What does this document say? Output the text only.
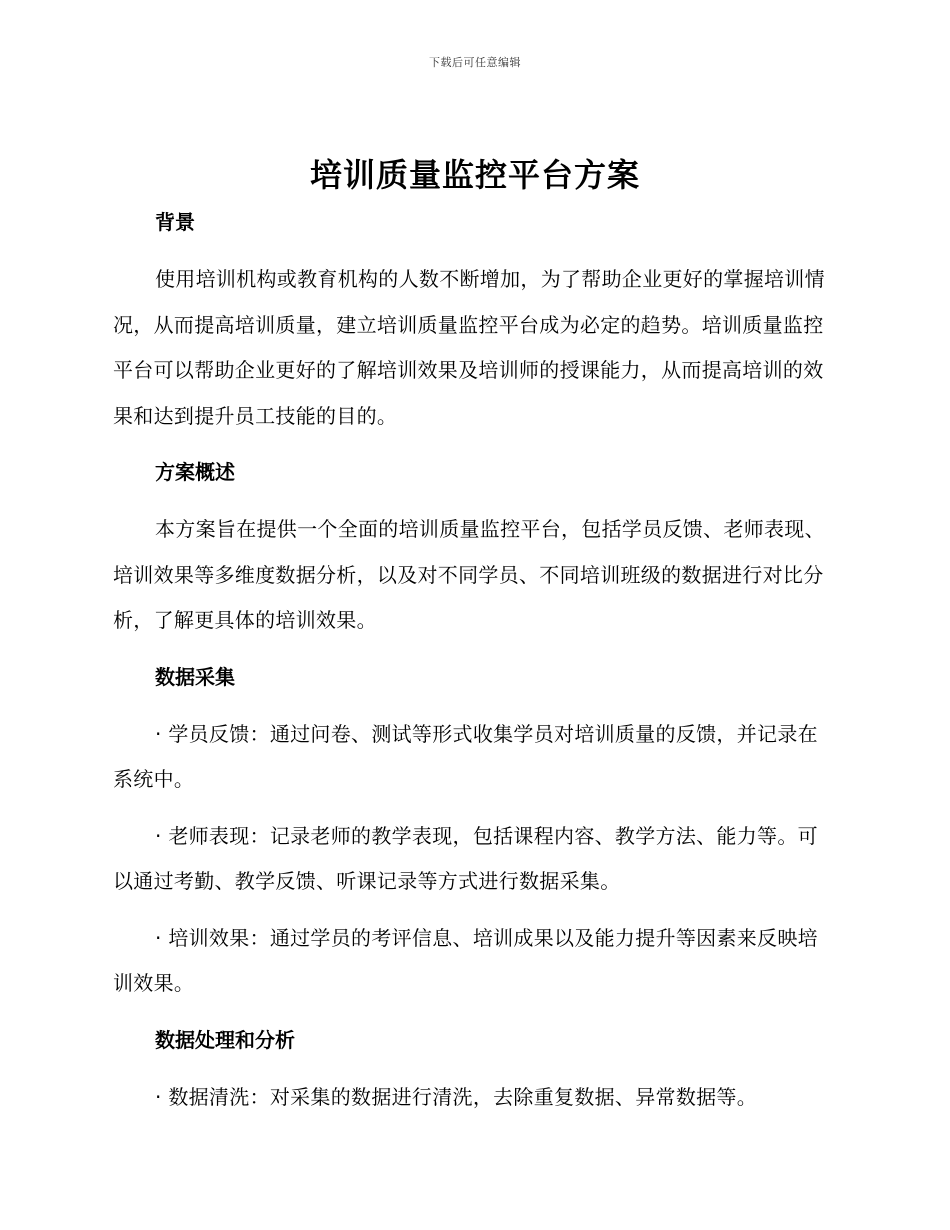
下载后可任意编辑
培训质量监控平台方案
背景

使用培训机构或教育机构的人数不断增加，为了帮助企业更好的掌握培训情况，从而提高培训质量，建立培训质量监控平台成为必定的趋势。培训质量监控平台可以帮助企业更好的了解培训效果及培训师的授课能力，从而提高培训的效果和达到提升员工技能的目的。

方案概述

本方案旨在提供一个全面的培训质量监控平台，包括学员反馈、老师表现、培训效果等多维度数据分析，以及对不同学员、不同培训班级的数据进行对比分析，了解更具体的培训效果。

数据采集

· 学员反馈：通过问卷、测试等形式收集学员对培训质量的反馈，并记录在系统中。

· 老师表现：记录老师的教学表现，包括课程内容、教学方法、能力等。可以通过考勤、教学反馈、听课记录等方式进行数据采集。

· 培训效果：通过学员的考评信息、培训成果以及能力提升等因素来反映培训效果。

数据处理和分析

· 数据清洗：对采集的数据进行清洗，去除重复数据、异常数据等。
